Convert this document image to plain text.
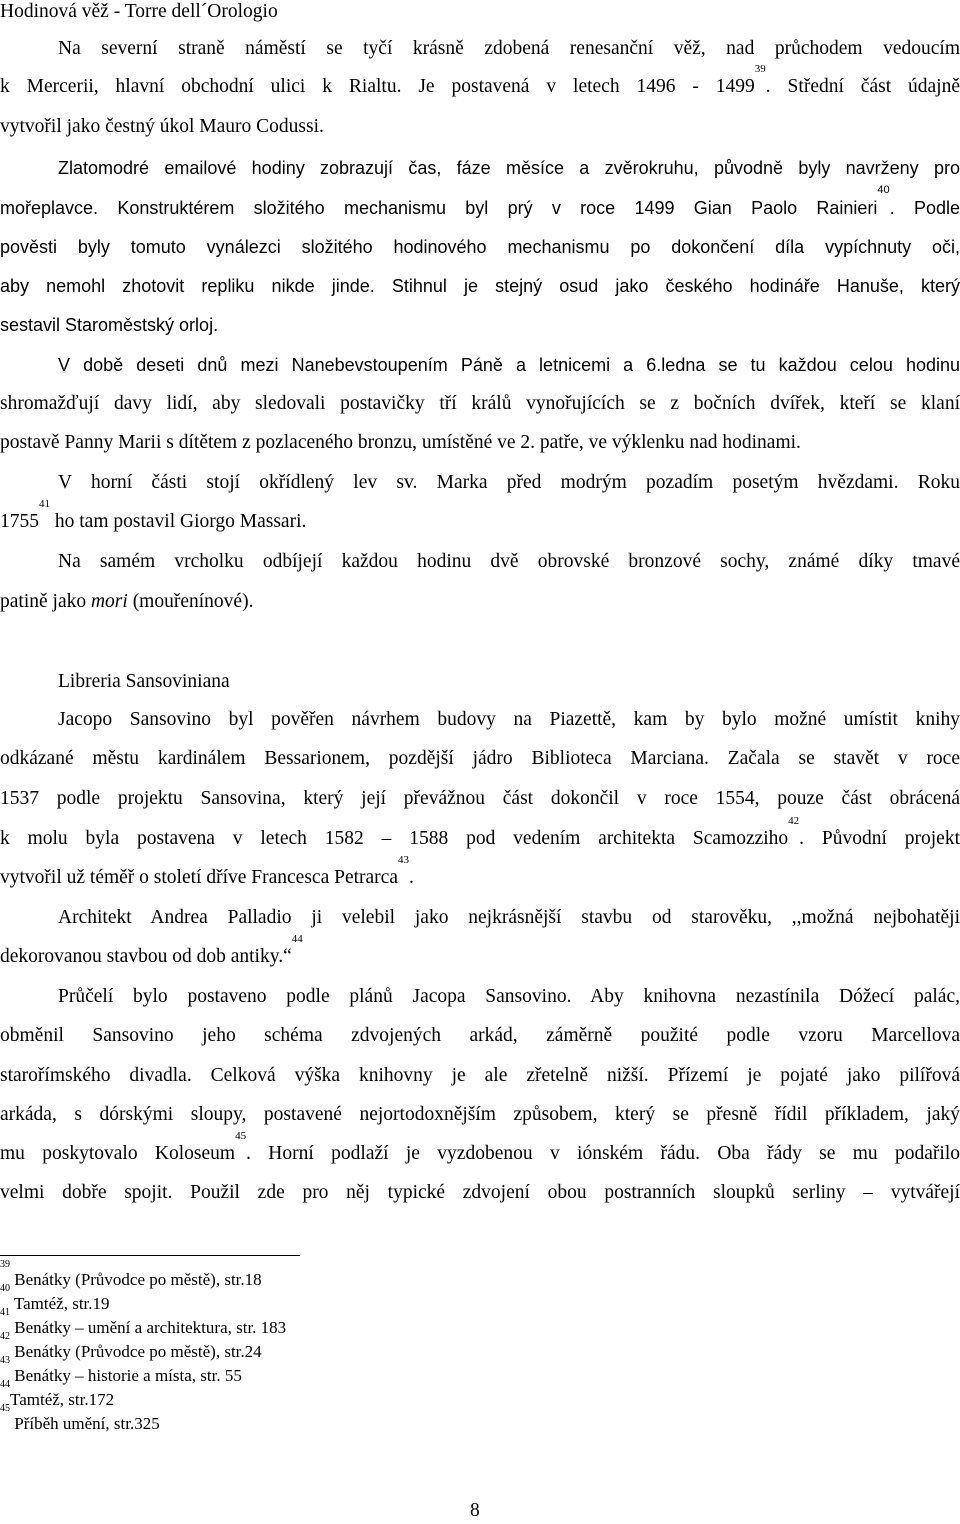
Hodinová věž - Torre dell´Orologio
Na severní straně náměstí se tyčí krásně zdobená renesanční věž, nad průchodem vedoucím
k Mercerii, hlavní obchodní ulici k Rialtu. Je postavená v letech 1496 - 1499$^{39}$. Střední část údajně
vytvořil jako čestný úkol Mauro Codussi.
Zlatomodré emailové hodiny zobrazují čas, fáze měsíce a zvěrokruhu, původně byly navrženy pro
mořeplavce. Konstruktérem složitého mechanismu byl prý v roce 1499 Gian Paolo Rainieri$^{40}$. Podle
pověsti byly tomuto vynálezci složitého hodinového mechanismu po dokončení díla vypíchnuty oči,
aby nemohl zhotovit repliku nikde jinde. Stihnul je stejný osud jako českého hodináře Hanuše, který
sestavil Staroměstský orloj.
V době deseti dnů mezi Nanebevstoupením Páně a letnicemi a 6.ledna se tu každou celou hodinu
shromažďují davy lidí, aby sledovali postavičky tří králů vynořujících se z bočních dvířek, kteří se klaní
postavě Panny Marii s dítětem z pozlaceného bronzu, umístěné ve 2. patře, ve výklenku nad hodinami.
V horní části stojí okřídlený lev sv. Marka před modrým pozadím posetým hvězdami. Roku
1755$^{41}$ ho tam postavil Giorgo Massari.
Na samém vrcholku odbíjejí každou hodinu dvě obrovské bronzové sochy, známé díky tmavé
patině jako mori (mouřenínové).
Libreria Sansoviniana
Jacopo Sansovino byl pověřen návrhem budovy na Piazettě, kam by bylo možné umístit knihy
odkázané městu kardinálem Bessarionem, pozdější jádro Biblioteca Marciana. Začala se stavět v roce
1537 podle projektu Sansovina, který její převážnou část dokončil v roce 1554, pouze část obrácená
k molu byla postavena v letech 1582 – 1588 pod vedením architekta Scamozziho$^{42}$. Původní projekt
vytvořil už téměř o století dříve Francesca Petrarca$^{43}$.
Architekt Andrea Palladio ji velebil jako nejkrásnější stavbu od starověku, ,,možná nejbohatěji
dekorovanou stavbou od dob antiky.“$^{44}$
Průčelí bylo postaveno podle plánů Jacopa Sansovino. Aby knihovna nezastínila Dóžecí palác,
obměnil Sansovino jeho schéma zdvojených arkád, záměrně použité podle vzoru Marcellova
starořímského divadla. Celková výška knihovny je ale zřetelně nižší. Přízemí je pojaté jako pilířová
arkáda, s dórskými sloupy, postavené nejortodoxnějším způsobem, který se přesně řídil příkladem, jaký
mu poskytovalo Koloseum$^{45}$. Horní podlaží je vyzdobenou v iónském řádu. Oba řády se mu podařilo
velmi dobře spojit. Použil zde pro něj typické zdvojení obou postranních sloupků serliny – vytvářejí
$^{39}$ Benátky (Průvodce po městě), str.18
$^{40}$ Tamtéž, str.19
$^{41}$ Benátky – umění a architektura, str. 183
$^{42}$ Benátky (Průvodce po městě), str.24
$^{43}$ Benátky – historie a místa, str. 55
$^{44}$Tamtéž, str.172
$^{45}$ Příběh umění, str.325
8
